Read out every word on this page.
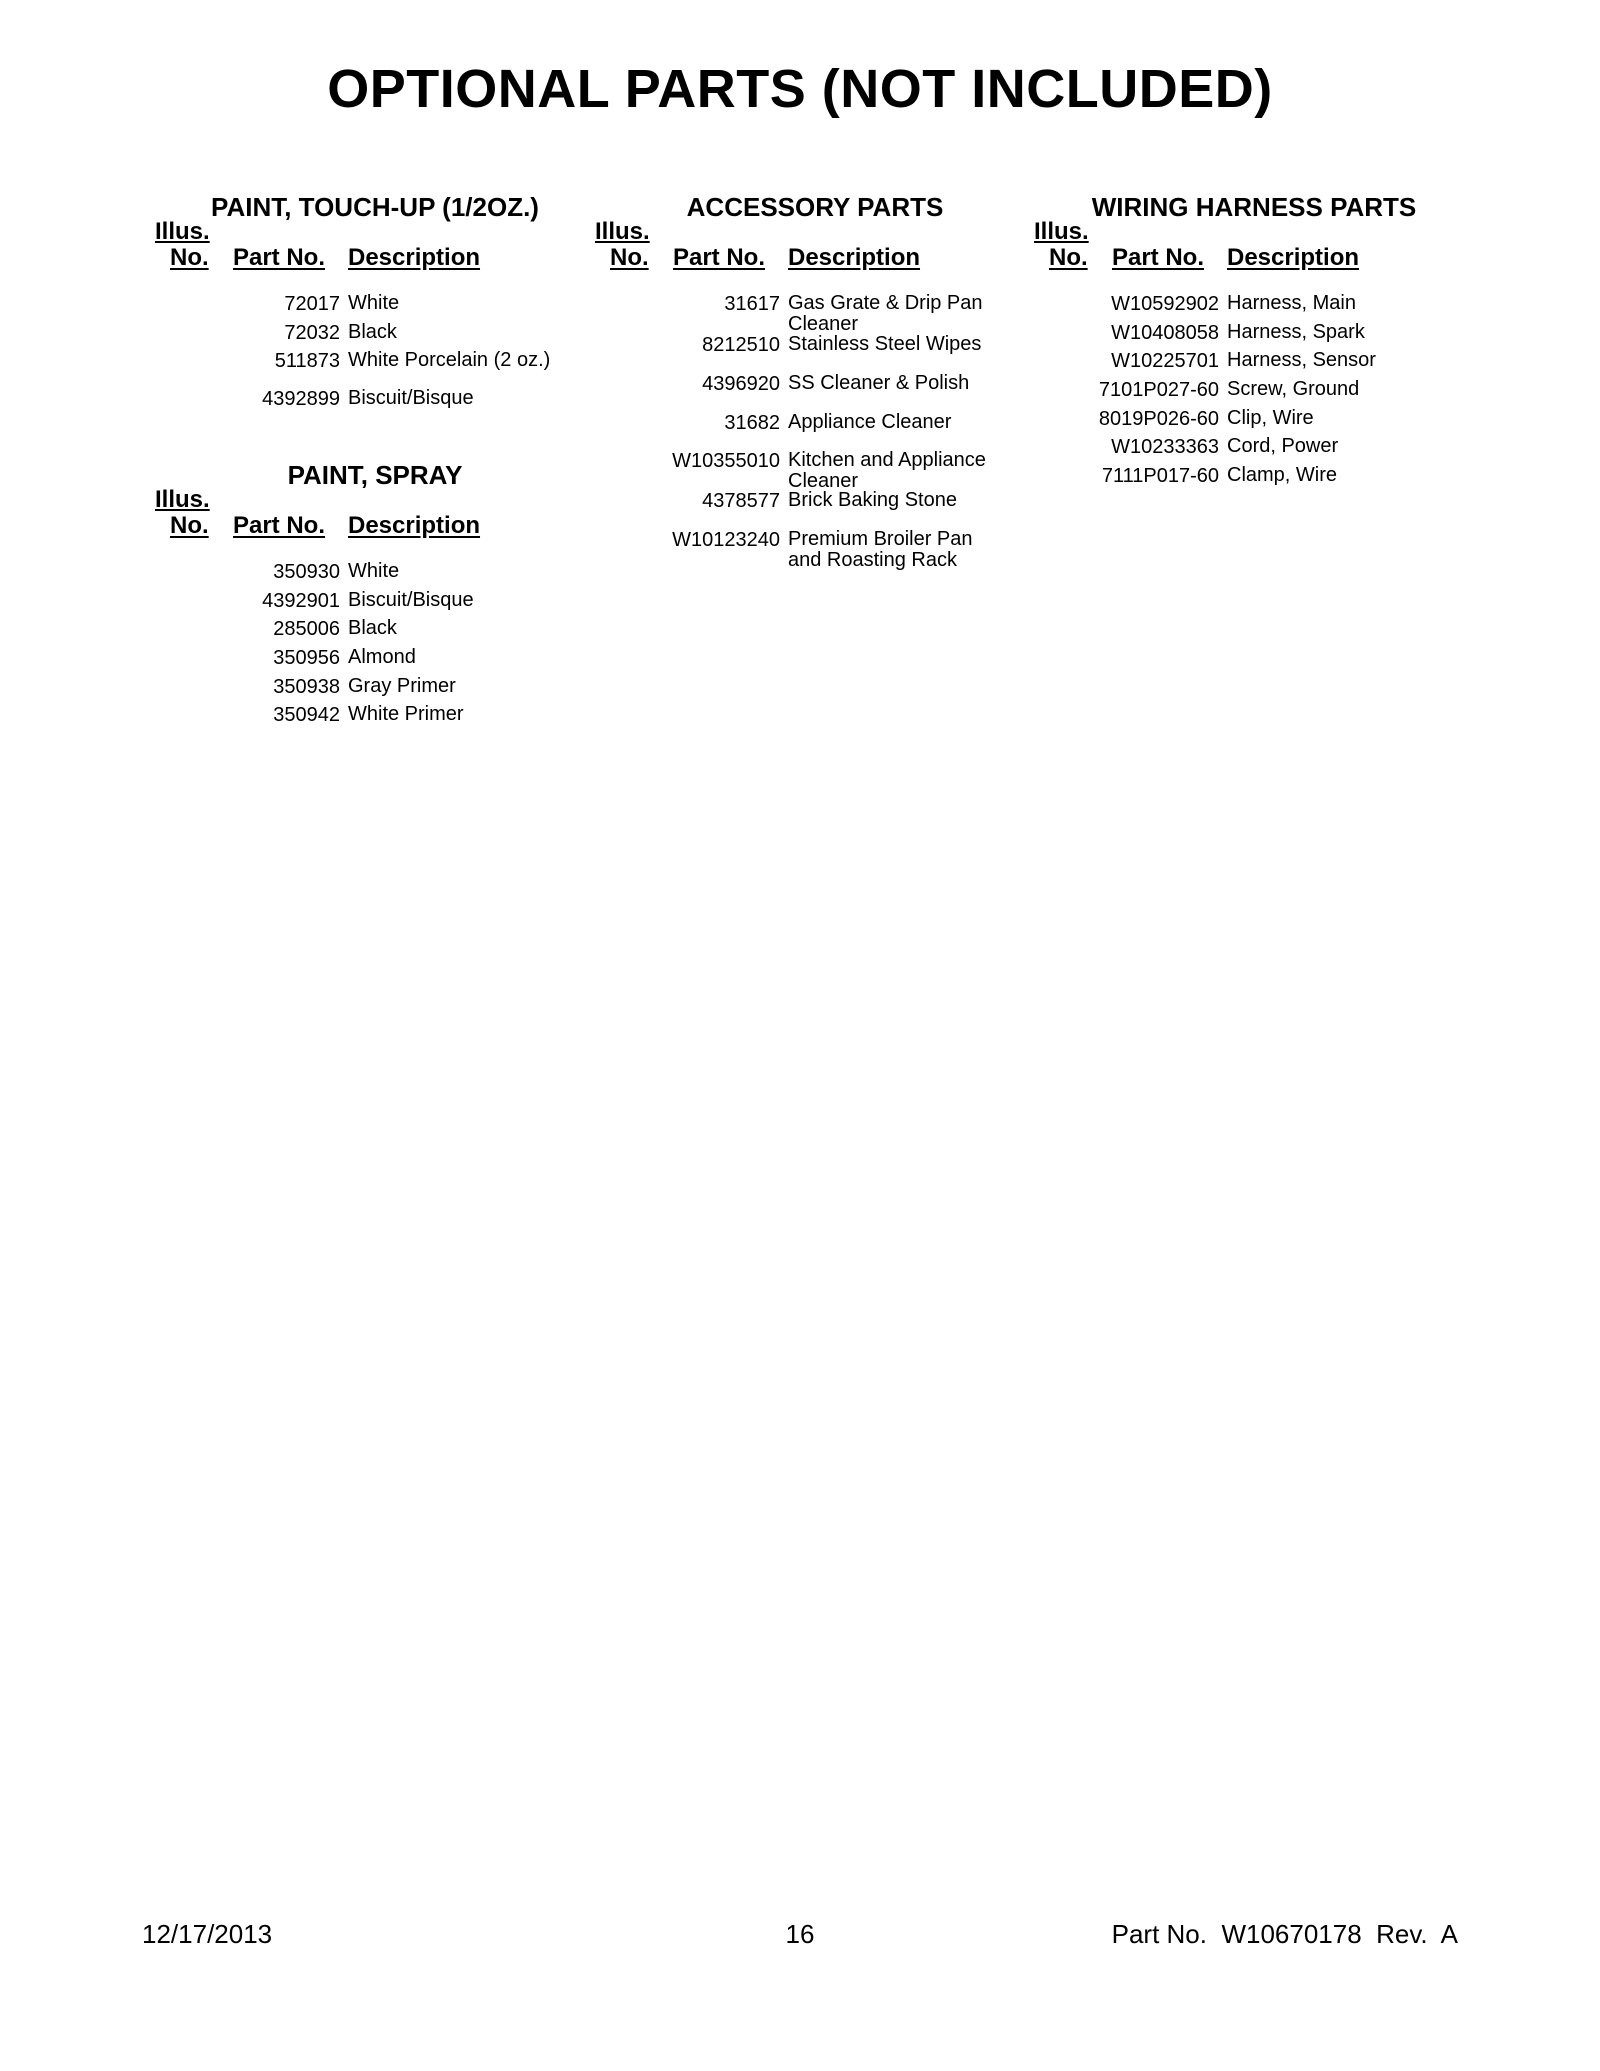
OPTIONAL PARTS (NOT INCLUDED)
PAINT, TOUCH-UP (1/2OZ.)
Illus.
No. Part No. Description
72017 White
72032 Black
511873 White Porcelain (2 oz.)
4392899 Biscuit/Bisque
PAINT, SPRAY
Illus.
No. Part No. Description
350930 White
4392901 Biscuit/Bisque
285006 Black
350956 Almond
350938 Gray Primer
350942 White Primer
ACCESSORY PARTS
Illus.
No. Part No. Description
31617 Gas Grate & Drip Pan Cleaner
8212510 Stainless Steel Wipes
4396920 SS Cleaner & Polish
31682 Appliance Cleaner
W10355010 Kitchen and Appliance Cleaner
4378577 Brick Baking Stone
W10123240 Premium Broiler Pan and Roasting Rack
WIRING HARNESS PARTS
Illus.
No. Part No. Description
W10592902 Harness, Main
W10408058 Harness, Spark
W10225701 Harness, Sensor
7101P027-60 Screw, Ground
8019P026-60 Clip, Wire
W10233363 Cord, Power
7111P017-60 Clamp, Wire
12/17/2013	16	Part No.  W10670178  Rev.  A
